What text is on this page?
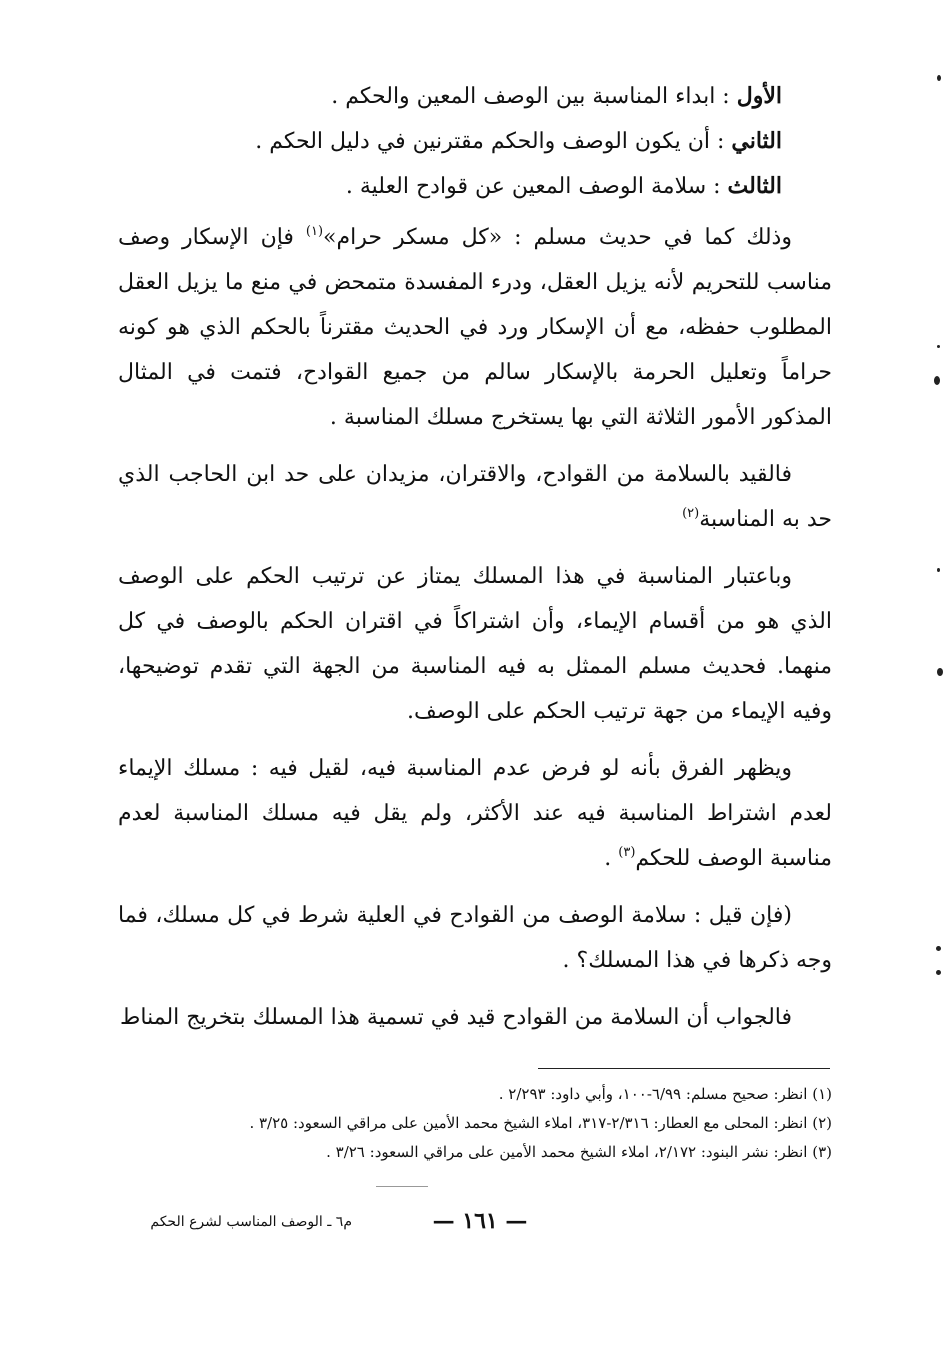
الأول : ابداء المناسبة بين الوصف المعين والحكم .

الثاني : أن يكون الوصف والحكم مقترنين في دليل الحكم .

الثالث : سلامة الوصف المعين عن قوادح العلية .

وذلك كما في حديث مسلم : «كل مسكر حرام»$^{(١)}$ فإن الإسكار وصف مناسب للتحريم لأنه يزيل العقل، ودرء المفسدة متمحض في منع ما يزيل العقل المطلوب حفظه، مع أن الإسكار ورد في الحديث مقترناً بالحكم الذي هو كونه حراماً وتعليل الحرمة بالإسكار سالم من جميع القوادح، فتمت في المثال المذكور الأمور الثلاثة التي بها يستخرج مسلك المناسبة .

فالقيد بالسلامة من القوادح، والاقتران، مزيدان على حد ابن الحاجب الذي حد به المناسبة$^{(٢)}$

وباعتبار المناسبة في هذا المسلك يمتاز عن ترتيب الحكم على الوصف الذي هو من أقسام الإيماء، وأن اشتراكاً في اقتران الحكم بالوصف في كل منهما. فحديث مسلم الممثل به فيه المناسبة من الجهة التي تقدم توضيحها، وفيه الإيماء من جهة ترتيب الحكم على الوصف.

ويظهر الفرق بأنه لو فرض عدم المناسبة فيه، لقيل فيه : مسلك الإيماء لعدم اشتراط المناسبة فيه عند الأكثر، ولم يقل فيه مسلك المناسبة لعدم مناسبة الوصف للحكم$^{(٣)}$ .

(فإن قيل : سلامة الوصف من القوادح في العلية شرط في كل مسلك، فما وجه ذكرها في هذا المسلك؟ .

فالجواب أن السلامة من القوادح قيد في تسمية هذا المسلك بتخريج المناط

(١) انظر: صحيح مسلم: ٦/٩٩-١٠٠، وأبي داود: ٢/٢٩٣ .

(٢) انظر: المحلى مع العطار: ٢/٣١٦-٣١٧، املاء الشيخ محمد الأمين على مراقي السعود: ٣/٢٥ .

(٣) انظر: نشر البنود: ٢/١٧٢، املاء الشيخ محمد الأمين على مراقي السعود: ٣/٢٦ .

— ١٦١ —
م٦ ـ الوصف المناسب لشرع الحكم
